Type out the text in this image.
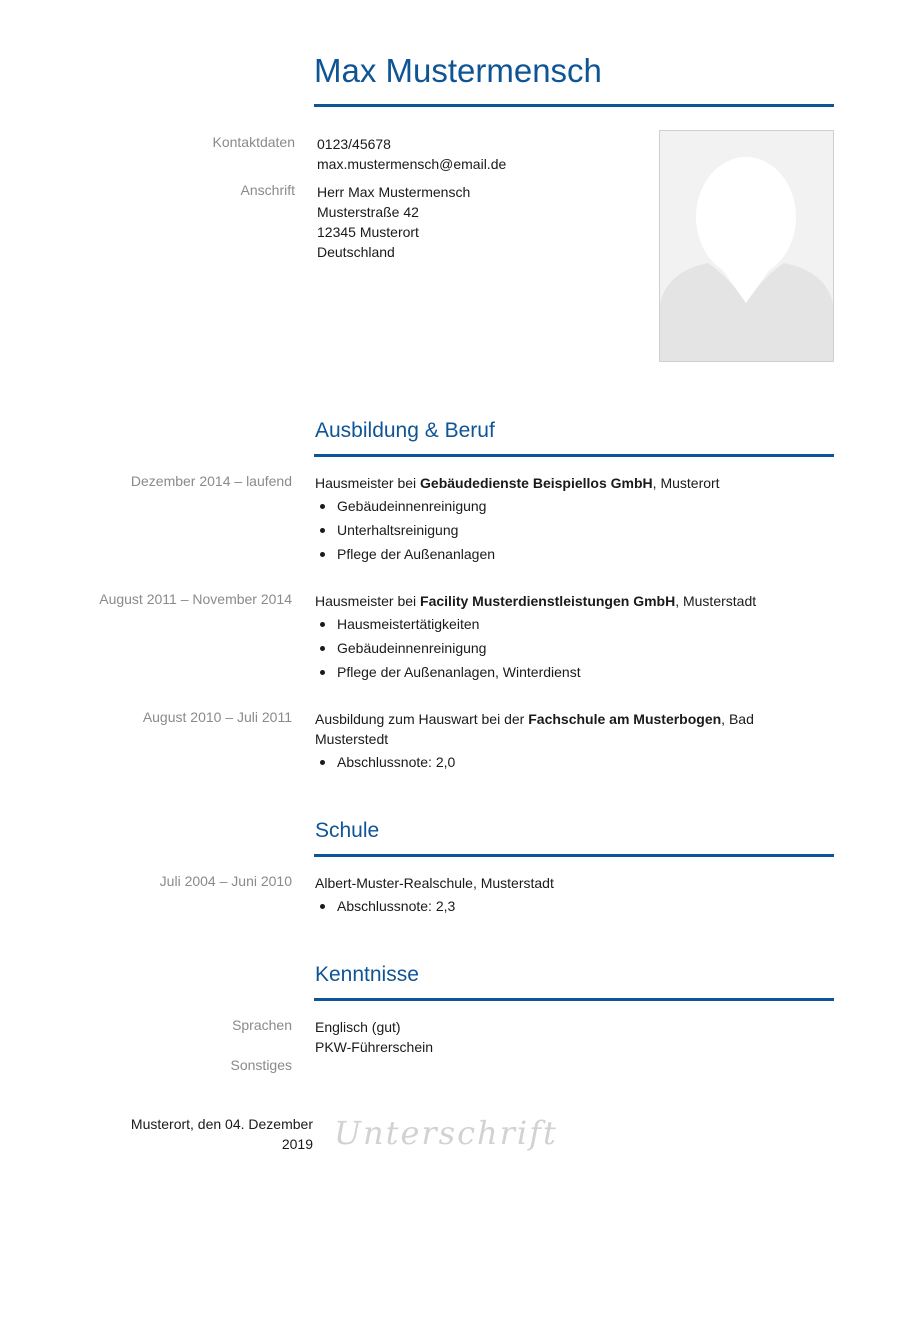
Max Mustermensch
Kontaktdaten 0123/45678
max.mustermensch@email.de
Anschrift Herr Max Mustermensch
Musterstraße 42
12345 Musterort
Deutschland
Ausbildung & Beruf
Dezember 2014 – laufend Hausmeister bei Gebäudedienste Beispiellos GmbH, Musterort
Gebäudeinnenreinigung
Unterhaltsreinigung
Pflege der Außenanlagen
August 2011 – November 2014 Hausmeister bei Facility Musterdienstleistungen GmbH, Musterstadt
Hausmeistertätigkeiten
Gebäudeinnenreinigung
Pflege der Außenanlagen, Winterdienst
August 2010 – Juli 2011 Ausbildung zum Hauswart bei der Fachschule am Musterbogen, Bad Musterstedt
Abschlussnote: 2,0
Schule
Juli 2004 – Juni 2010 Albert-Muster-Realschule, Musterstadt
Abschlussnote: 2,3
Kenntnisse
Sprachen Englisch (gut)
PKW-Führerschein
Sonstiges
Musterort, den 04. Dezember 2019 Unterschrift
